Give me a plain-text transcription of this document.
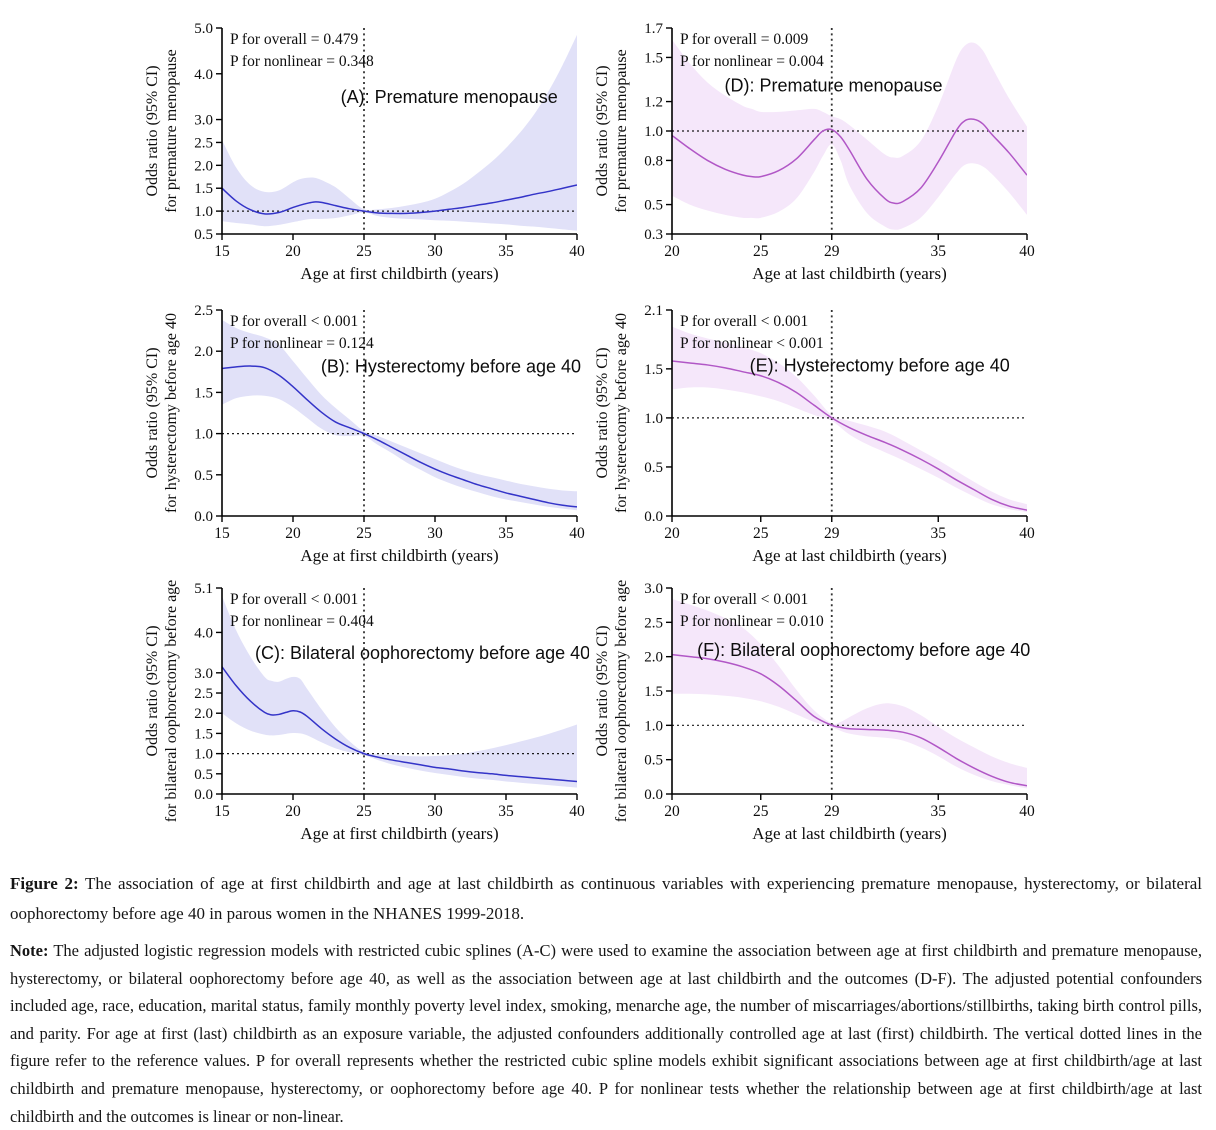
0.5
1.0
1.5
2.0
2.5
3.0
4.0
5.0
15	20	25	30	35	40
Age at first childbirth (years)
Odds ratio (95% CI) for premature menopause
P for overall = 0.479
P for nonlinear = 0.348
(A): Premature menopause
0.0
0.5
1.0
1.5
2.0
2.5
15	20	25	30	35	40
Age at first childbirth (years)
Odds ratio (95% CI) for hysterectomy before age 40	P for overall < 0.001
P for nonlinear = 0.124
(B): Hysterectomy before age 40
0.0
0.5
1.0
1.5
2.0
2.5
3.0
4.0
5.1
15	20	25	30	35	40
Age at first childbirth (years)
Odds ratio (95% CI) for bilateral oophorectomy before age 40	P for overall < 0.001
P for nonlinear = 0.404
(C): Bilateral oophorectomy before age 40
0.3
0.5
0.8
1.0
1.2
1.5
1.7
20	25	29	35	40
Age at last childbirth (years)
Odds ratio (95% CI) for premature menopause
P for overall = 0.009
P for nonlinear = 0.004
(D): Premature menopause
0.0
0.5
1.0
1.5
2.1
20	25	29	35	40
Age at last childbirth (years)
Odds ratio (95% CI) for hysterectomy before age 40	P for overall < 0.001
P for nonlinear < 0.001
(E): Hysterectomy before age 40
0.0
0.5
1.0
1.5
2.0
2.5
3.0
20	25	29	35	40
Age at last childbirth (years)
Odds ratio (95% CI) for bilateral oophorectomy before age 40	P for overall < 0.001
P for nonlinear = 0.010
(F): Bilateral oophorectomy before age 40

Figure 2: The association of age at first childbirth and age at last childbirth as continuous variables with experiencing premature menopause, hysterectomy, or bilateral oophorectomy before age 40 in parous women in the NHANES 1999-2018.

Note: The adjusted logistic regression models with restricted cubic splines (A-C) were used to examine the association between age at first childbirth and premature menopause, hysterectomy, or bilateral oophorectomy before age 40, as well as the association between age at last childbirth and the outcomes (D-F). The adjusted potential confounders included age, race, education, marital status, family monthly poverty level index, smoking, menarche age, the number of miscarriages/abortions/stillbirths, taking birth control pills, and parity. For age at first (last) childbirth as an exposure variable, the adjusted confounders additionally controlled age at last (first) childbirth. The vertical dotted lines in the figure refer to the reference values. P for overall represents whether the restricted cubic spline models exhibit significant associations between age at first childbirth/age at last childbirth and premature menopause, hysterectomy, or oophorectomy before age 40. P for nonlinear tests whether the relationship between age at first childbirth/age at last childbirth and the outcomes is linear or non-linear.
